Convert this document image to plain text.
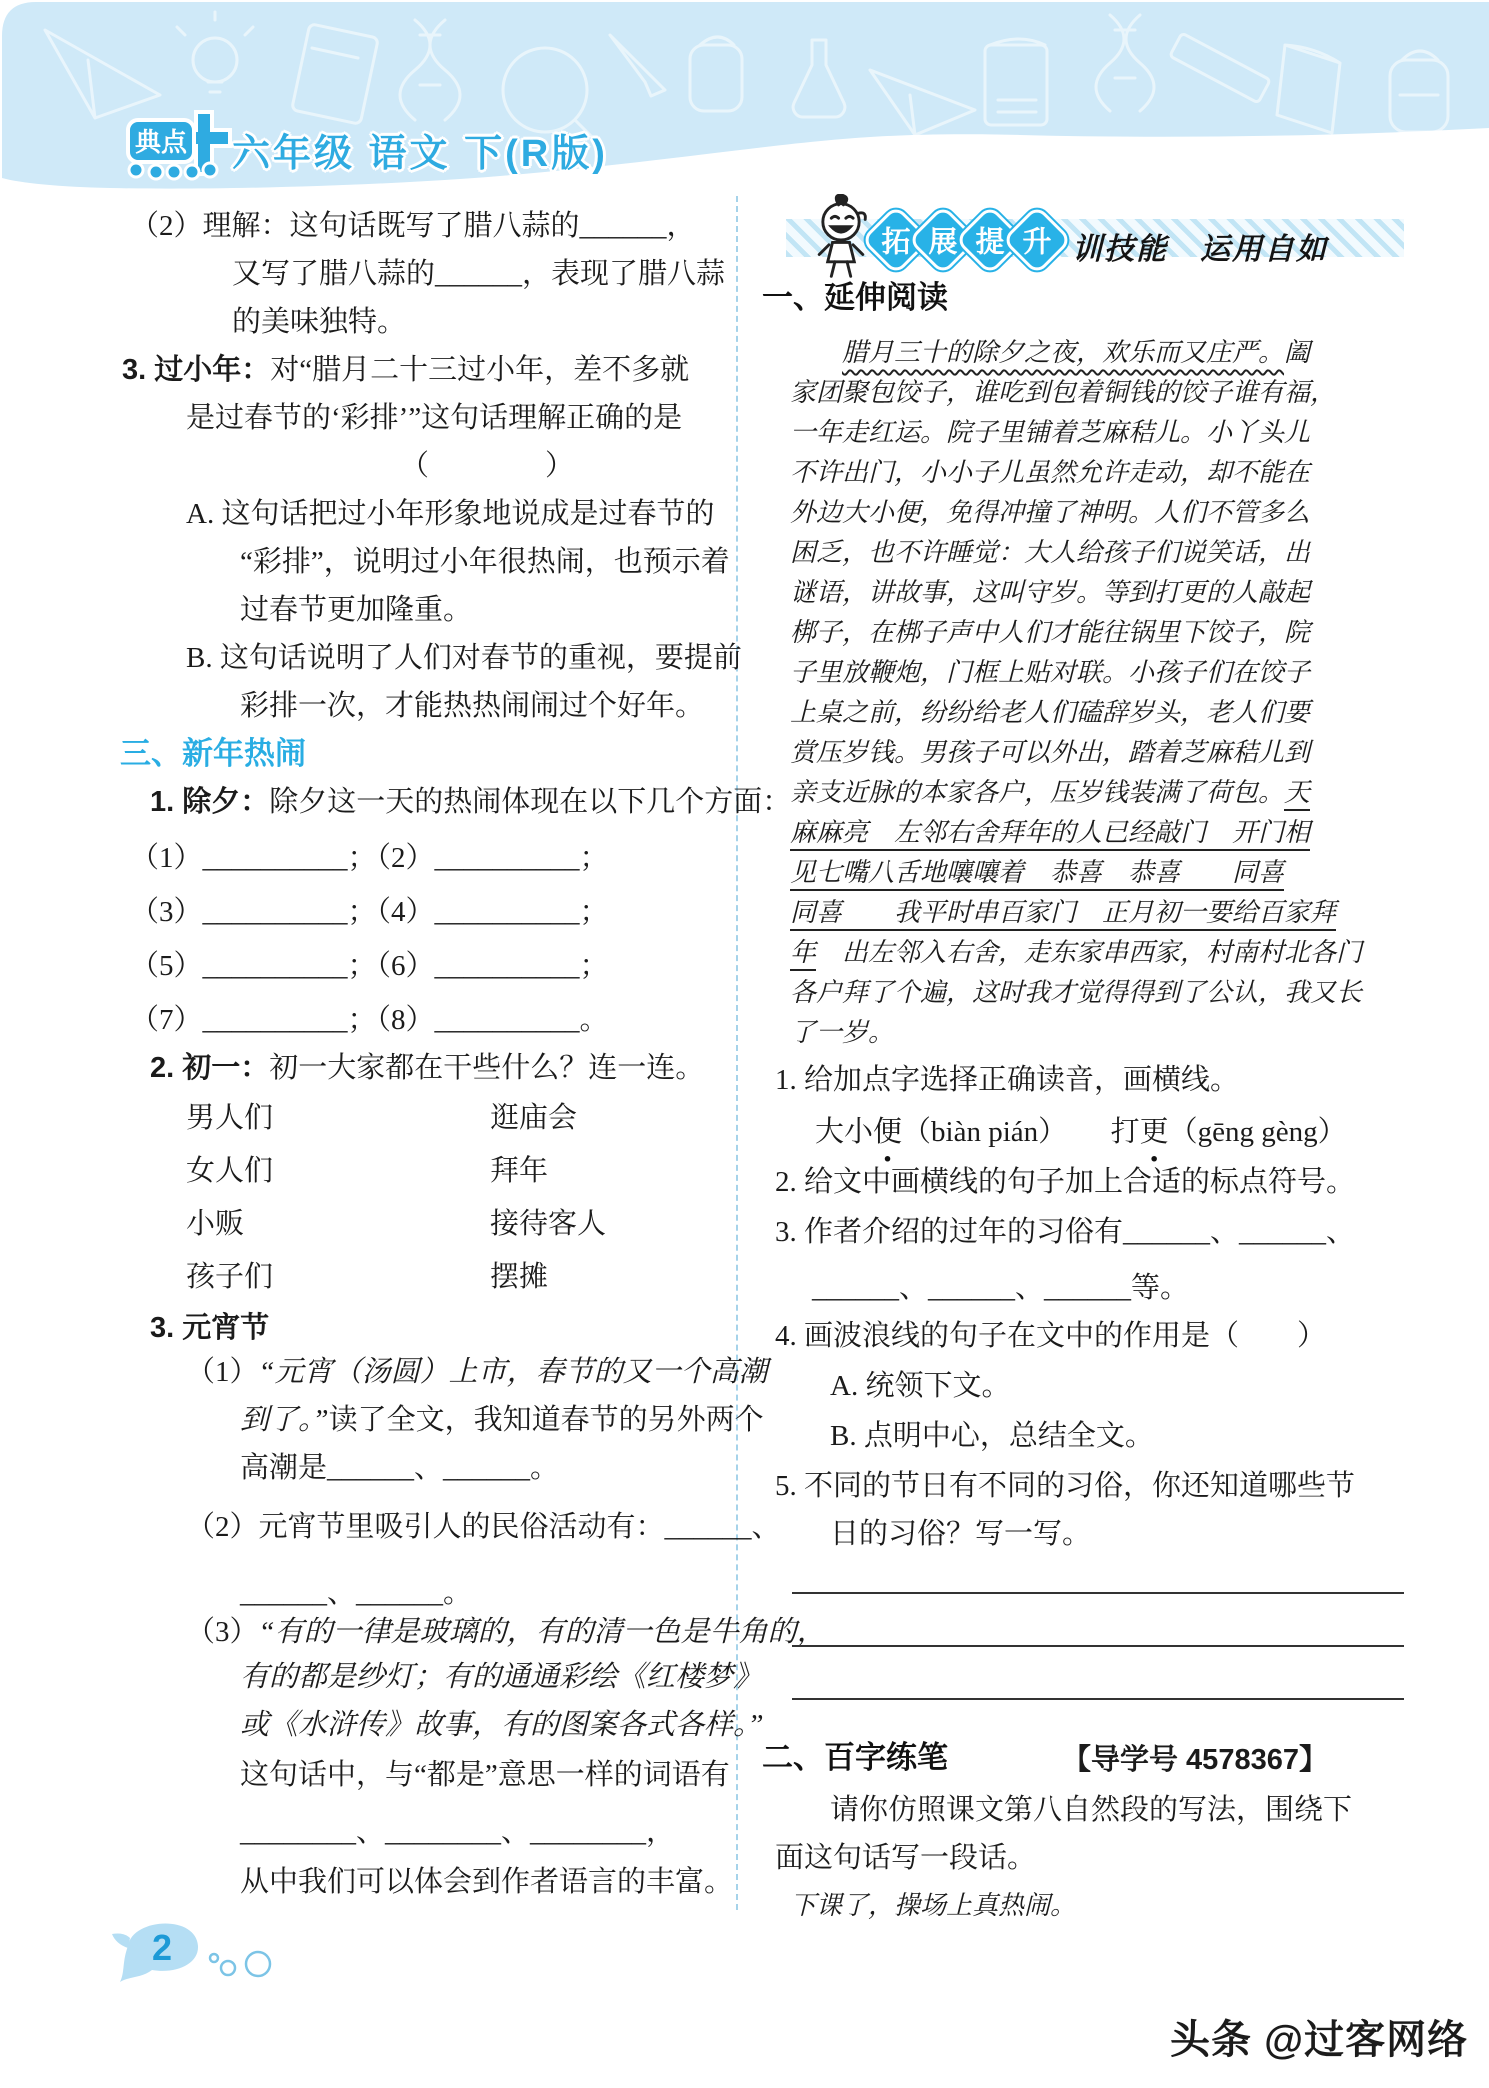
典点 六年级 语文 下(R版)
拓 展 提 升 训技能　运用自如
（2）理解：这句话既写了腊八蒜的______，
又写了腊八蒜的______，表现了腊八蒜
的美味独特。
3. 过小年：对“腊月二十三过小年，差不多就
是过春节的‘彩排’”这句话理解正确的是
（　　　　）
A. 这句话把过小年形象地说成是过春节的
“彩排”，说明过小年很热闹，也预示着
过春节更加隆重。
B. 这句话说明了人们对春节的重视，要提前
彩排一次，才能热热闹闹过个好年。
三、新年热闹
1. 除夕：除夕这一天的热闹体现在以下几个方面：
（1）__________；（2）__________；
（3）__________；（4）__________；
（5）__________；（6）__________；
（7）__________；（8）__________。
2. 初一：初一大家都在干些什么？连一连。
男人们	逛庙会
女人们	拜年
小贩	接待客人
孩子们	摆摊
3. 元宵节
（1）“元宵（汤圆）上市，春节的又一个高潮
到了。”读了全文，我知道春节的另外两个
高潮是______、______。
（2）元宵节里吸引人的民俗活动有：______、
______、______。
（3）“有的一律是玻璃的，有的清一色是牛角的，
有的都是纱灯；有的通通彩绘《红楼梦》
或《水浒传》故事，有的图案各式各样。”
这句话中，与“都是”意思一样的词语有
________、________、________，
从中我们可以体会到作者语言的丰富。
一、延伸阅读
腊月三十的除夕之夜，欢乐而又庄严。阖
家团聚包饺子，谁吃到包着铜钱的饺子谁有福，
一年走红运。院子里铺着芝麻秸儿。小丫头儿
不许出门，小小子儿虽然允许走动，却不能在
外边大小便，免得冲撞了神明。人们不管多么
困乏，也不许睡觉：大人给孩子们说笑话，出
谜语，讲故事，这叫守岁。等到打更的人敲起
梆子，在梆子声中人们才能往锅里下饺子，院
子里放鞭炮，门框上贴对联。小孩子们在饺子
上桌之前，纷纷给老人们磕辞岁头，老人们要
赏压岁钱。男孩子可以外出，踏着芝麻秸儿到
亲支近脉的本家各户，压岁钱装满了荷包。天
麻麻亮　左邻右舍拜年的人已经敲门　开门相
见七嘴八舌地嚷嚷着　恭喜　恭喜　　同喜
同喜　　我平时串百家门　正月初一要给百家拜
年　出左邻入右舍，走东家串西家，村南村北各门
各户拜了个遍，这时我才觉得得到了公认，我又长
了一岁。
1. 给加点字选择正确读音，画横线。
大小便（biàn pián）　　打更（gēng gèng）
2. 给文中画横线的句子加上合适的标点符号。
3. 作者介绍的过年的习俗有______、______、
______、______、______等。
4. 画波浪线的句子在文中的作用是（　　）
A. 统领下文。
B. 点明中心，总结全文。
5. 不同的节日有不同的习俗，你还知道哪些节
日的习俗？写一写。
二、百字练笔	【导学号 4578367】
请你仿照课文第八自然段的写法，围绕下
面这句话写一段话。
下课了，操场上真热闹。
2
头条 @过客网络
